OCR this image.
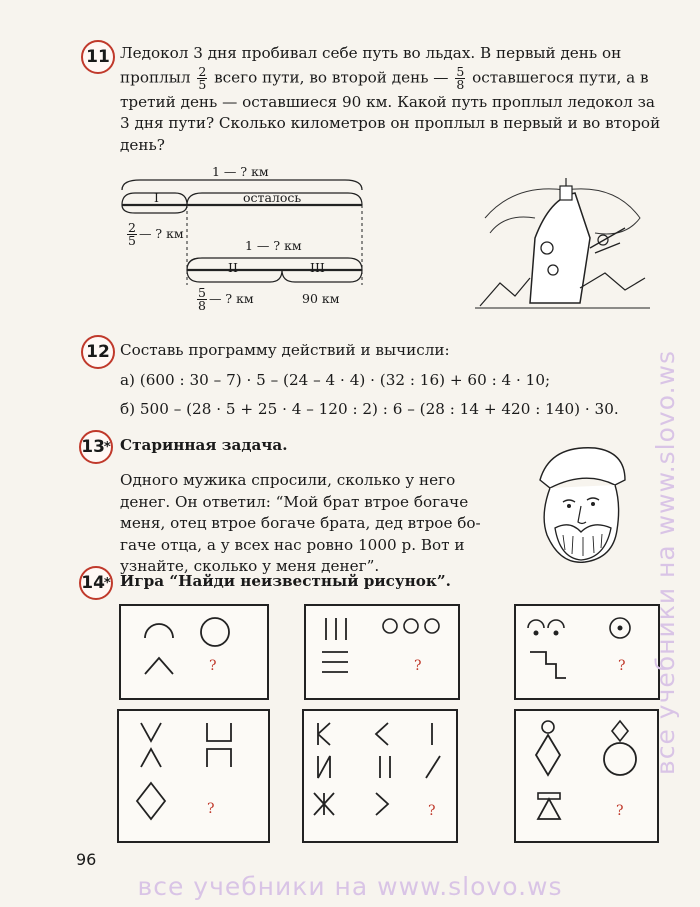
11 Ледокол 3 дня пробивал себе путь во льдах. В первый день он
проплыл $\frac{2}{5}$ всего пути, во второй день — $\frac{5}{8}$ оставшегося пути, а в
третий день — оставшиеся 90 км. Какой путь проплыл ледокол за
3 дня пути? Сколько километров он проплыл в первый и во второй
день?
1 — ? км
I	осталось
$\frac{2}{5}$ — ? км
1 — ? км
II	III
$\frac{5}{8}$ — ? км	90 км
12 Составь программу действий и вычисли:
а) (600 : 30 – 7) · 5 – (24 – 4 · 4) · (32 : 16) + 60 : 4 · 10;
б) 500 – (28 · 5 + 25 · 4 – 120 : 2) : 6 – (28 : 14 + 420 : 140) · 30.
13 * Старинная задача.
Одного мужика спросили, сколько у него
денег. Он ответил: “Мой брат втрое богаче
меня, отец втрое богаче брата, дед втрое бо-
гаче отца, а у всех нас ровно 1000 р. Вот и
узнайте, сколько у меня денег”.
14 * Игра “Найди неизвестный рисунок”.
?	?	?
?	?	?
96
все учебники на www.slovo.ws
все учебники на www.slovo.ws
